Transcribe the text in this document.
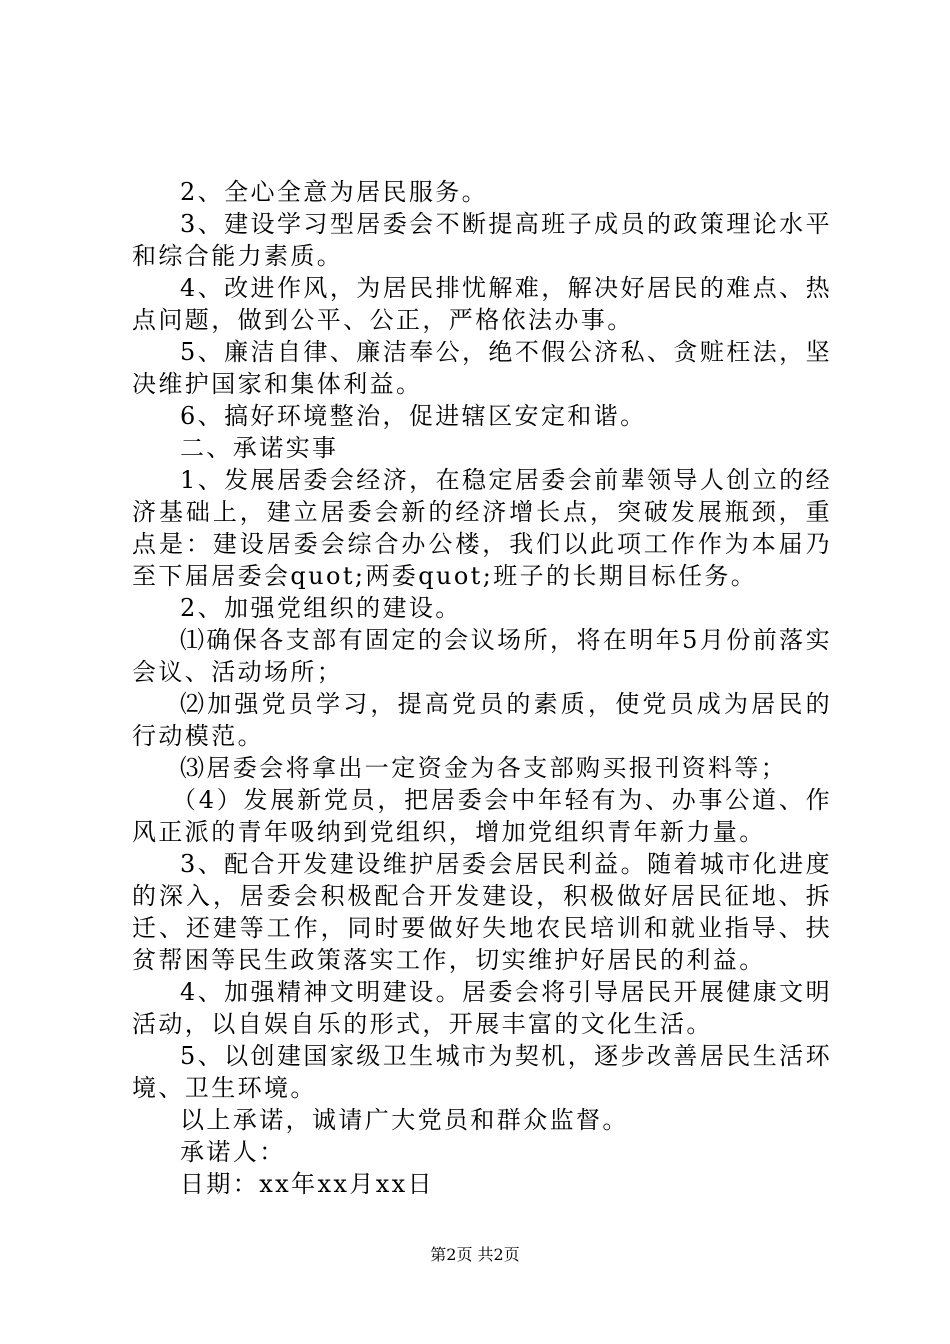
2、全心全意为居民服务。

3、建设学习型居委会不断提高班子成员的政策理论水平和综合能力素质。

4、改进作风，为居民排忧解难，解决好居民的难点、热点问题，做到公平、公正，严格依法办事。

5、廉洁自律、廉洁奉公，绝不假公济私、贪赃枉法，坚决维护国家和集体利益。

6、搞好环境整治，促进辖区安定和谐。

二、承诺实事

1、发展居委会经济，在稳定居委会前辈领导人创立的经济基础上，建立居委会新的经济增长点，突破发展瓶颈，重点是：建设居委会综合办公楼，我们以此项工作作为本届乃至下届居委会quot;两委quot;班子的长期目标任务。

2、加强党组织的建设。

⑴确保各支部有固定的会议场所，将在明年5月份前落实会议、活动场所；

⑵加强党员学习，提高党员的素质，使党员成为居民的行动模范。

⑶居委会将拿出一定资金为各支部购买报刊资料等；

（4）发展新党员，把居委会中年轻有为、办事公道、作风正派的青年吸纳到党组织，增加党组织青年新力量。

3、配合开发建设维护居委会居民利益。随着城市化进度的深入，居委会积极配合开发建设，积极做好居民征地、拆迁、还建等工作，同时要做好失地农民培训和就业指导、扶贫帮困等民生政策落实工作，切实维护好居民的利益。

4、加强精神文明建设。居委会将引导居民开展健康文明活动，以自娱自乐的形式，开展丰富的文化生活。

5、以创建国家级卫生城市为契机，逐步改善居民生活环境、卫生环境。

以上承诺，诚请广大党员和群众监督。

承诺人：

日期：xx年xx月xx日

第2页 共2页
